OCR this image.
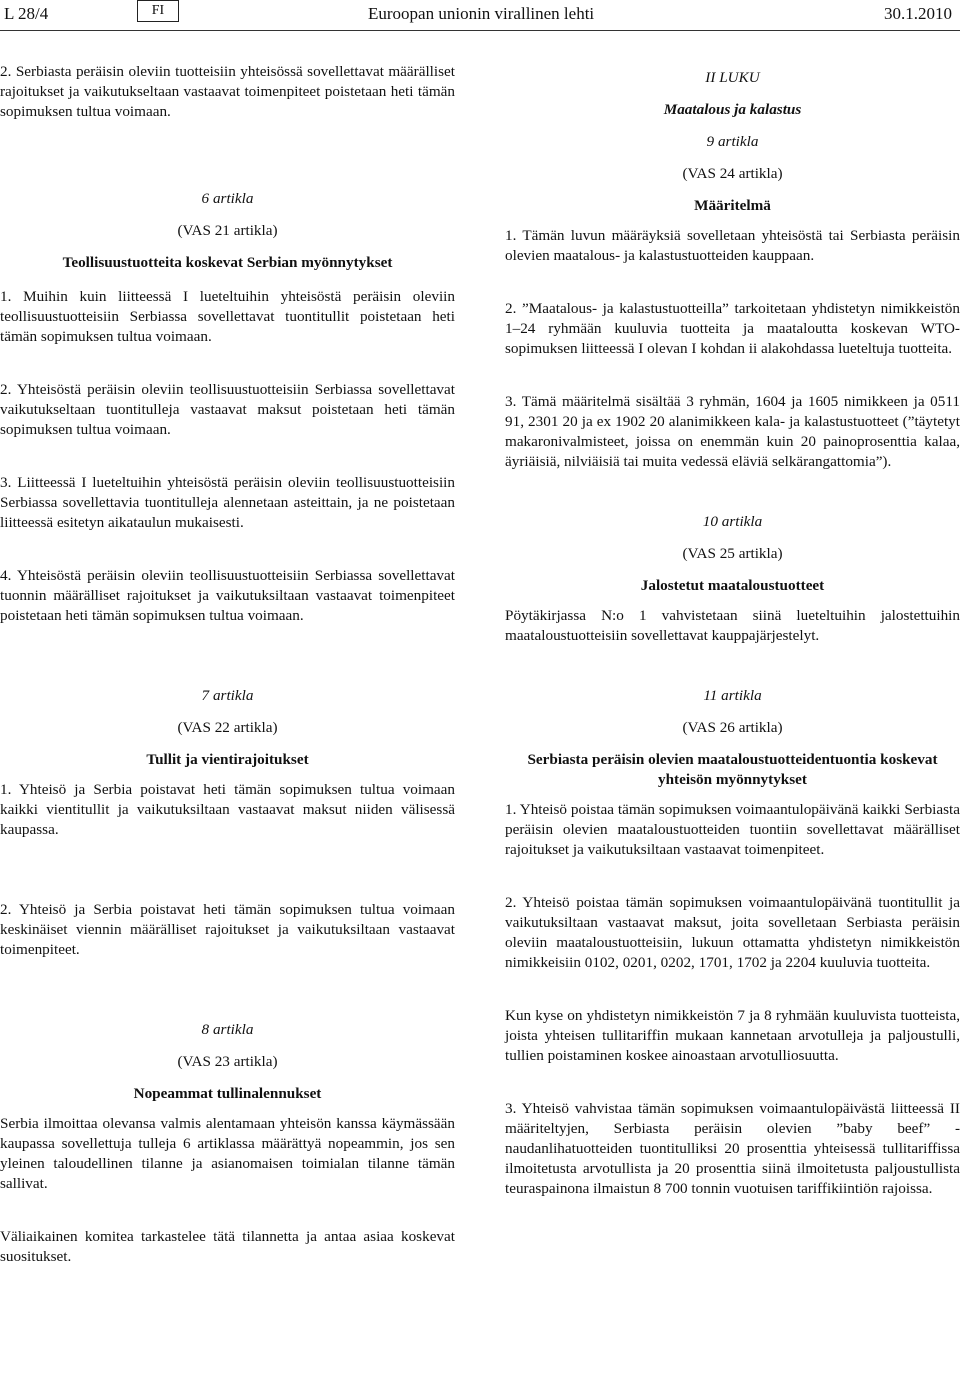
L 28/4	FI	Euroopan unionin virallinen lehti	30.1.2010

2. Serbiasta peräisin oleviin tuotteisiin yhteisössä sovellettavat määrälliset rajoitukset ja vaikutukseltaan vastaavat toimenpiteet poistetaan heti tämän sopimuksen tultua voimaan.

6 artikla

(VAS 21 artikla)

Teollisuustuotteita koskevat Serbian myönnytykset

1. Muihin kuin liitteessä I lueteltuihin yhteisöstä peräisin oleviin teollisuustuotteisiin Serbiassa sovellettavat tuontitullit poistetaan heti tämän sopimuksen tultua voimaan.

2. Yhteisöstä peräisin oleviin teollisuustuotteisiin Serbiassa sovellettavat vaikutukseltaan tuontitulleja vastaavat maksut poistetaan heti tämän sopimuksen tultua voimaan.

3. Liitteessä I lueteltuihin yhteisöstä peräisin oleviin teollisuustuotteisiin Serbiassa sovellettavia tuontitulleja alennetaan asteittain, ja ne poistetaan liitteessä esitetyn aikataulun mukaisesti.

4. Yhteisöstä peräisin oleviin teollisuustuotteisiin Serbiassa sovellettavat tuonnin määrälliset rajoitukset ja vaikutuksiltaan vastaavat toimenpiteet poistetaan heti tämän sopimuksen tultua voimaan.

7 artikla

(VAS 22 artikla)

Tullit ja vientirajoitukset

1. Yhteisö ja Serbia poistavat heti tämän sopimuksen tultua voimaan kaikki vientitullit ja vaikutuksiltaan vastaavat maksut niiden välisessä kaupassa.

2. Yhteisö ja Serbia poistavat heti tämän sopimuksen tultua voimaan keskinäiset viennin määrälliset rajoitukset ja vaikutuksiltaan vastaavat toimenpiteet.

8 artikla

(VAS 23 artikla)

Nopeammat tullinalennukset

Serbia ilmoittaa olevansa valmis alentamaan yhteisön kanssa käymässään kaupassa sovellettuja tulleja 6 artiklassa määrättyä nopeammin, jos sen yleinen taloudellinen tilanne ja asianomaisen toimialan tilanne tämän sallivat.

Väliaikainen komitea tarkastelee tätä tilannetta ja antaa asiaa koskevat suositukset.

II LUKU

Maatalous ja kalastus

9 artikla

(VAS 24 artikla)

Määritelmä

1. Tämän luvun määräyksiä sovelletaan yhteisöstä tai Serbiasta peräisin olevien maatalous- ja kalastustuotteiden kauppaan.

2. ”Maatalous- ja kalastustuotteilla” tarkoitetaan yhdistetyn nimikkeistön 1–24 ryhmään kuuluvia tuotteita ja maataloutta koskevan WTO-sopimuksen liitteessä I olevan I kohdan ii alakohdassa lueteltuja tuotteita.

3. Tämä määritelmä sisältää 3 ryhmän, 1604 ja 1605 nimikkeen ja 0511 91, 2301 20 ja ex 1902 20 alanimikkeen kala- ja kalastustuotteet (”täytetyt makaronivalmisteet, joissa on enemmän kuin 20 painoprosenttia kalaa, äyriäisiä, nilviäisiä tai muita vedessä eläviä selkärangattomia”).

10 artikla

(VAS 25 artikla)

Jalostetut maataloustuotteet

Pöytäkirjassa N:o 1 vahvistetaan siinä lueteltuihin jalostettuihin maataloustuotteisiin sovellettavat kauppajärjestelyt.

11 artikla

(VAS 26 artikla)

Serbiasta peräisin olevien maataloustuotteidentuontia koskevat yhteisön myönnytykset

1. Yhteisö poistaa tämän sopimuksen voimaantulopäivänä kaikki Serbiasta peräisin olevien maataloustuotteiden tuontiin sovellettavat määrälliset rajoitukset ja vaikutuksiltaan vastaavat toimenpiteet.

2. Yhteisö poistaa tämän sopimuksen voimaantulopäivänä tuontitullit ja vaikutuksiltaan vastaavat maksut, joita sovelletaan Serbiasta peräisin oleviin maataloustuotteisiin, lukuun ottamatta yhdistetyn nimikkeistön nimikkeisiin 0102, 0201, 0202, 1701, 1702 ja 2204 kuuluvia tuotteita.

Kun kyse on yhdistetyn nimikkeistön 7 ja 8 ryhmään kuuluvista tuotteista, joista yhteisen tullitariffin mukaan kannetaan arvotulleja ja paljoustulli, tullien poistaminen koskee ainoastaan arvotulliosuutta.

3. Yhteisö vahvistaa tämän sopimuksen voimaantulopäivästä liitteessä II määriteltyjen, Serbiasta peräisin olevien ”baby beef” -naudanlihatuotteiden tuontitulliksi 20 prosenttia yhteisessä tullitariffissa ilmoitetusta arvotullista ja 20 prosenttia siinä ilmoitetusta paljoustullista teuraspainona ilmaistun 8 700 tonnin vuotuisen tariffikiintiön rajoissa.
